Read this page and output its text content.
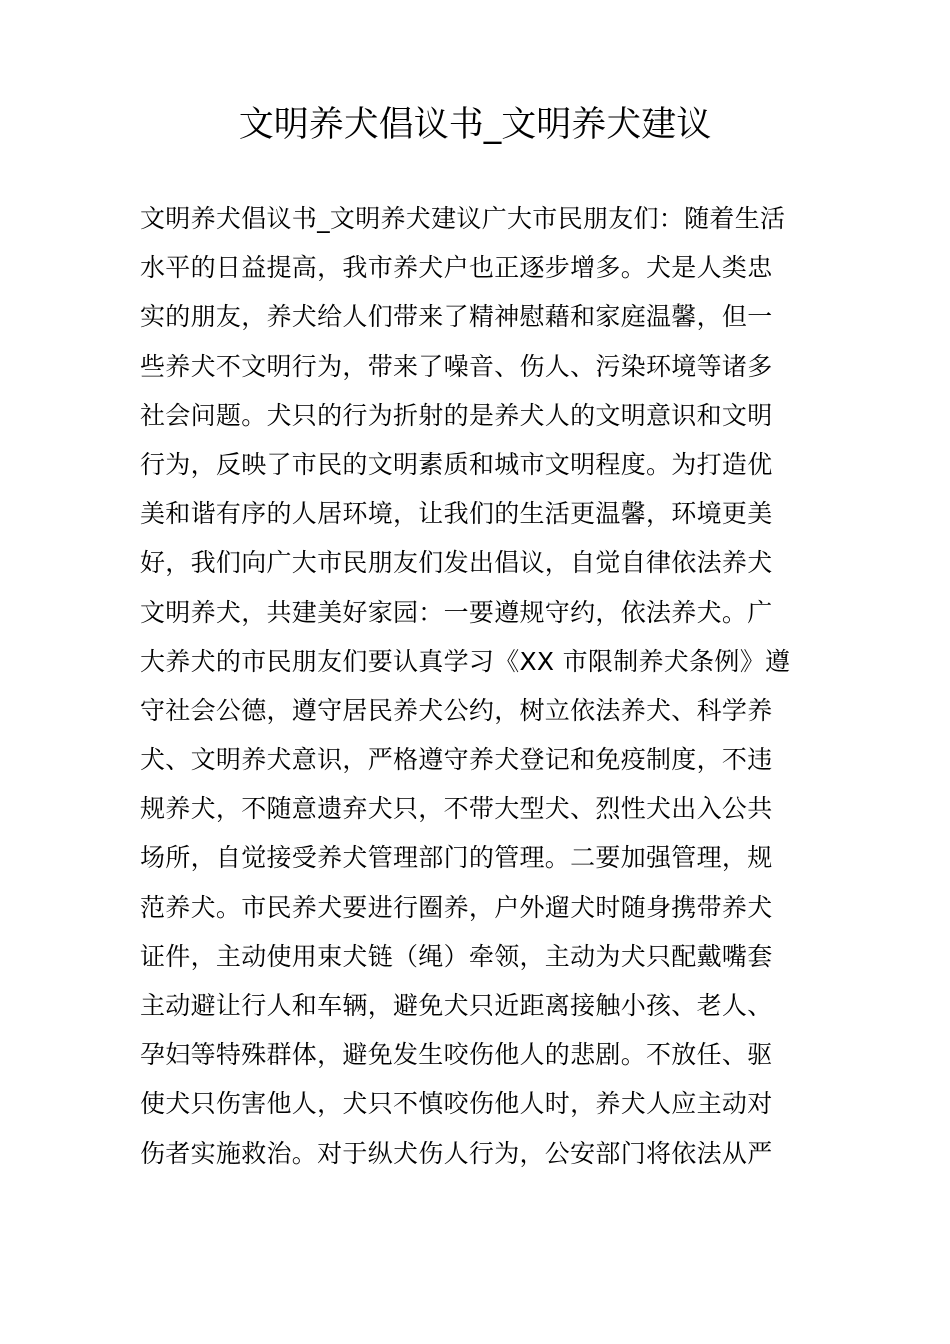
文明养犬倡议书_文明养犬建议
文明养犬倡议书_文明养犬建议广大市民朋友们：随着生活
水平的日益提高，我市养犬户也正逐步增多。犬是人类忠
实的朋友，养犬给人们带来了精神慰藉和家庭温馨，但一
些养犬不文明行为，带来了噪音、伤人、污染环境等诸多
社会问题。犬只的行为折射的是养犬人的文明意识和文明
行为，反映了市民的文明素质和城市文明程度。为打造优
美和谐有序的人居环境，让我们的生活更温馨，环境更美
好，我们向广大市民朋友们发出倡议，自觉自律依法养犬
文明养犬，共建美好家园：一要遵规守约，依法养犬。广
大养犬的市民朋友们要认真学习《XX 市限制养犬条例》遵
守社会公德，遵守居民养犬公约，树立依法养犬、科学养
犬、文明养犬意识，严格遵守养犬登记和免疫制度，不违
规养犬，不随意遗弃犬只，不带大型犬、烈性犬出入公共
场所，自觉接受养犬管理部门的管理。二要加强管理，规
范养犬。市民养犬要进行圈养，户外遛犬时随身携带养犬
证件，主动使用束犬链（绳）牵领，主动为犬只配戴嘴套
主动避让行人和车辆，避免犬只近距离接触小孩、老人、
孕妇等特殊群体，避免发生咬伤他人的悲剧。不放任、驱
使犬只伤害他人，犬只不慎咬伤他人时，养犬人应主动对
伤者实施救治。对于纵犬伤人行为，公安部门将依法从严
